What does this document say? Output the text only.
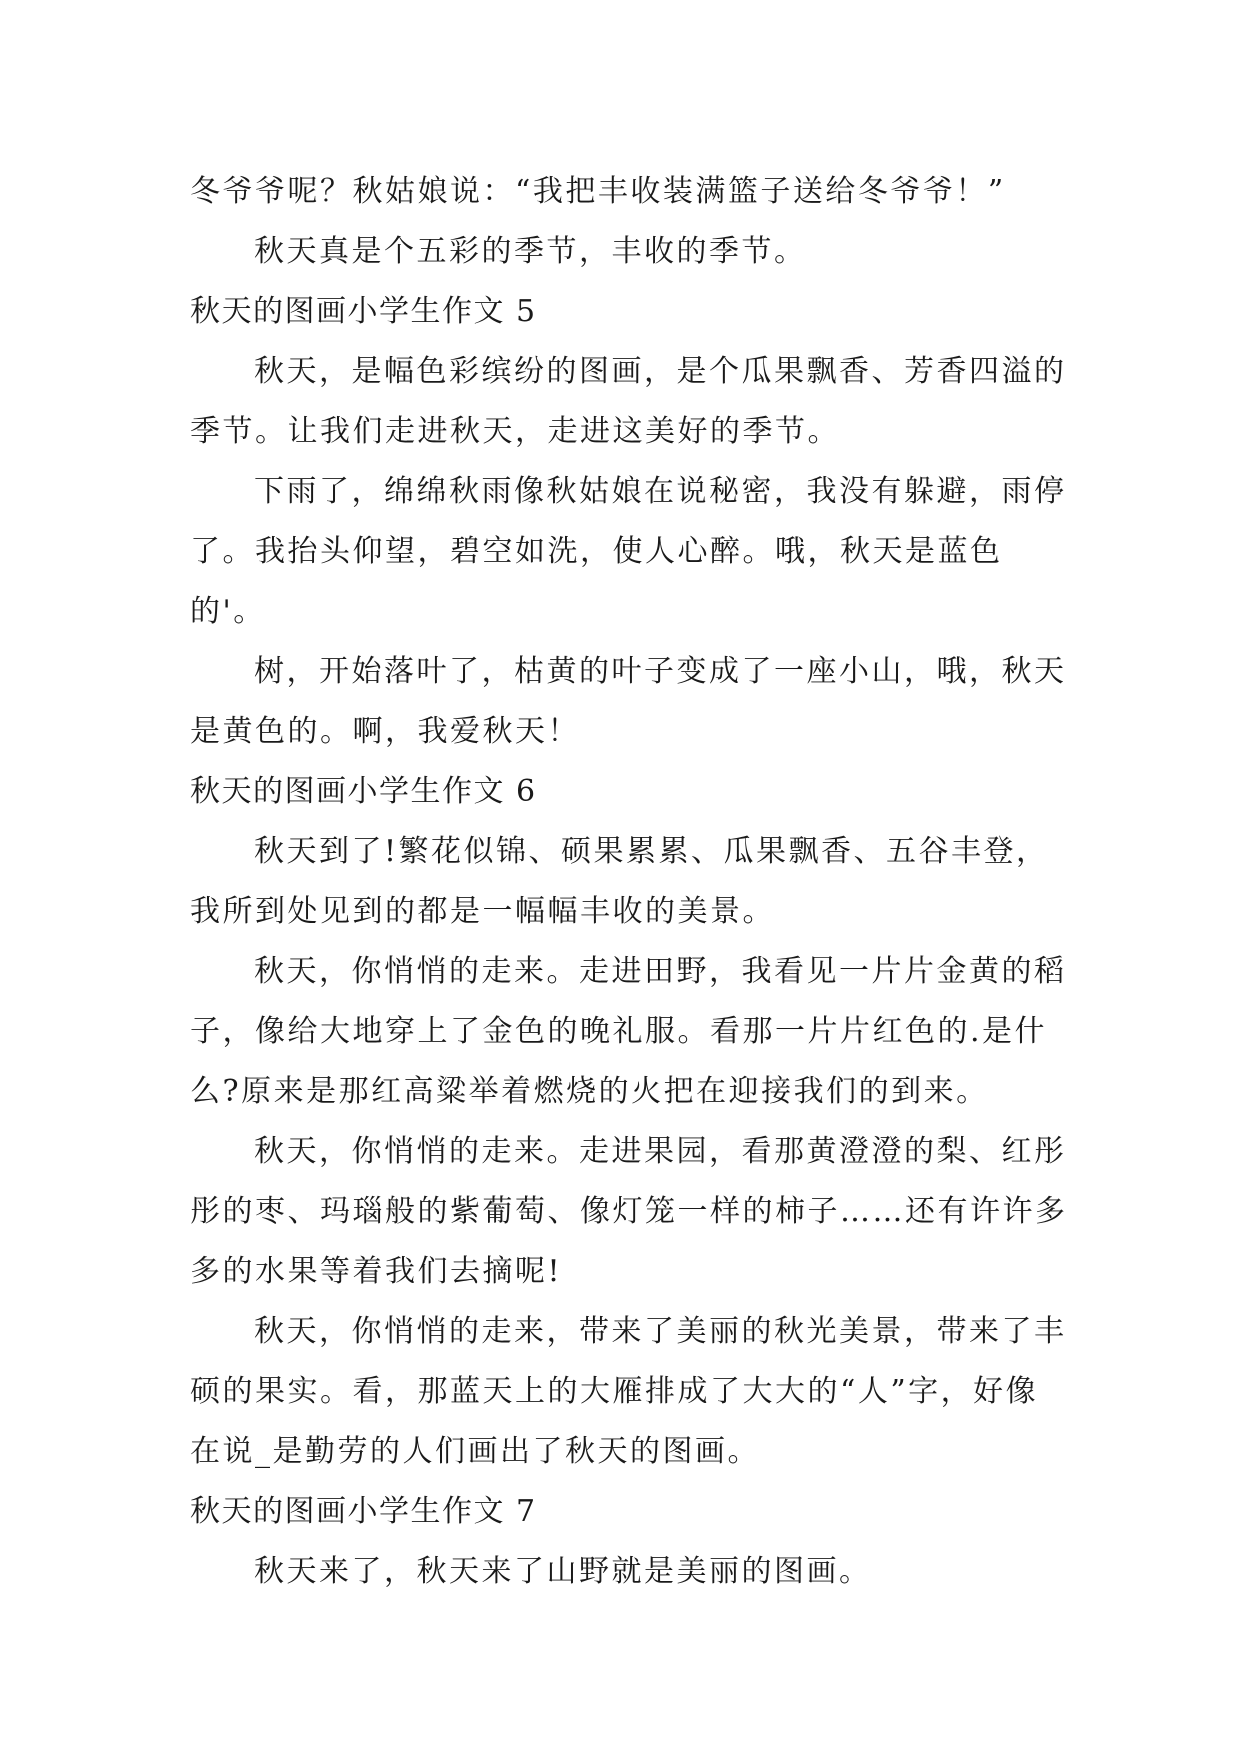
冬爷爷呢？秋姑娘说：“我把丰收装满篮子送给冬爷爷！”

秋天真是个五彩的季节，丰收的季节。

秋天的图画小学生作文 5

秋天，是幅色彩缤纷的图画，是个瓜果飘香、芳香四溢的季节。让我们走进秋天，走进这美好的季节。

下雨了，绵绵秋雨像秋姑娘在说秘密，我没有躲避，雨停了。我抬头仰望，碧空如洗，使人心醉。哦，秋天是蓝色的'。

树，开始落叶了，枯黄的叶子变成了一座小山，哦，秋天是黄色的。啊，我爱秋天！

秋天的图画小学生作文 6

秋天到了!繁花似锦、硕果累累、瓜果飘香、五谷丰登，我所到处见到的都是一幅幅丰收的美景。

秋天，你悄悄的走来。走进田野，我看见一片片金黄的稻子，像给大地穿上了金色的晚礼服。看那一片片红色的.是什么?原来是那红高粱举着燃烧的火把在迎接我们的到来。

秋天，你悄悄的走来。走进果园，看那黄澄澄的梨、红彤彤的枣、玛瑙般的紫葡萄、像灯笼一样的柿子……还有许许多多的水果等着我们去摘呢!

秋天，你悄悄的走来，带来了美丽的秋光美景，带来了丰硕的果实。看，那蓝天上的大雁排成了大大的“人”字，好像在说_是勤劳的人们画出了秋天的图画。

秋天的图画小学生作文 7

秋天来了，秋天来了山野就是美丽的图画。
